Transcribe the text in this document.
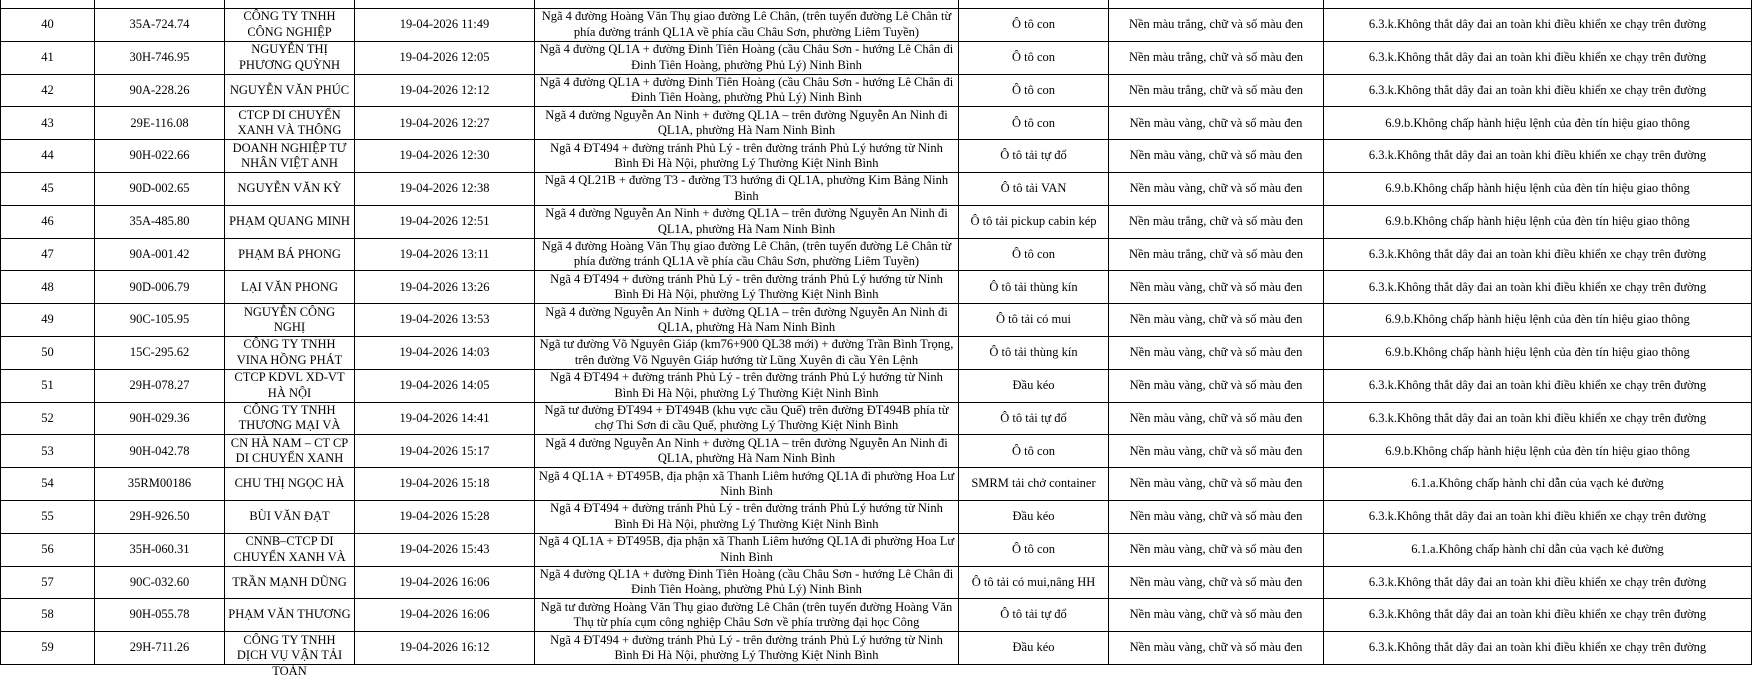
40	35A-724.74	CÔNG TY TNHH CÔNG NGHIỆP	19-04-2026 11:49	Ngã 4 đường Hoàng Văn Thụ giao đường Lê Chân, (trên tuyến đường Lê Chân từ phía đường tránh QL1A về phía cầu Châu Sơn, phường Liêm Tuyền)	Ô tô con	Nền màu trắng, chữ và số màu đen	6.3.k.Không thắt dây đai an toàn khi điều khiển xe chạy trên đường

41	30H-746.95	NGUYỄN THỊ PHƯƠNG QUỲNH	19-04-2026 12:05	Ngã 4 đường QL1A + đường Đinh Tiên Hoàng (cầu Châu Sơn - hướng Lê Chân đi Đinh Tiên Hoàng, phường Phủ Lý) Ninh Bình	Ô tô con	Nền màu trắng, chữ và số màu đen	6.3.k.Không thắt dây đai an toàn khi điều khiển xe chạy trên đường

42	90A-228.26	NGUYỄN VĂN PHÚC	19-04-2026 12:12	Ngã 4 đường QL1A + đường Đinh Tiên Hoàng (cầu Châu Sơn - hướng Lê Chân đi Đinh Tiên Hoàng, phường Phủ Lý) Ninh Bình	Ô tô con	Nền màu trắng, chữ và số màu đen	6.3.k.Không thắt dây đai an toàn khi điều khiển xe chạy trên đường

43	29E-116.08	CTCP DI CHUYỂN XANH VÀ THÔNG	19-04-2026 12:27	Ngã 4 đường Nguyễn An Ninh + đường QL1A – trên đường Nguyễn An Ninh đi QL1A, phường Hà Nam Ninh Bình	Ô tô con	Nền màu vàng, chữ và số màu đen	6.9.b.Không chấp hành hiệu lệnh của đèn tín hiệu giao thông

44	90H-022.66	DOANH NGHIỆP TƯ NHÂN VIỆT ANH	19-04-2026 12:30	Ngã 4 ĐT494 + đường tránh Phủ Lý - trên đường tránh Phủ Lý hướng từ Ninh Bình Đi Hà Nội, phường Lý Thường Kiệt Ninh Bình	Ô tô tải tự đổ	Nền màu vàng, chữ và số màu đen	6.3.k.Không thắt dây đai an toàn khi điều khiển xe chạy trên đường

45	90D-002.65	NGUYỄN VĂN KỲ	19-04-2026 12:38	Ngã 4 QL21B + đường T3 - đường T3 hướng đi QL1A, phường Kim Bảng Ninh Bình	Ô tô tải VAN	Nền màu vàng, chữ và số màu đen	6.9.b.Không chấp hành hiệu lệnh của đèn tín hiệu giao thông

46	35A-485.80	PHẠM QUANG MINH	19-04-2026 12:51	Ngã 4 đường Nguyễn An Ninh + đường QL1A – trên đường Nguyễn An Ninh đi QL1A, phường Hà Nam Ninh Bình	Ô tô tải pickup cabin kép	Nền màu trắng, chữ và số màu đen	6.9.b.Không chấp hành hiệu lệnh của đèn tín hiệu giao thông

47	90A-001.42	PHẠM BÁ PHONG	19-04-2026 13:11	Ngã 4 đường Hoàng Văn Thụ giao đường Lê Chân, (trên tuyến đường Lê Chân từ phía đường tránh QL1A về phía cầu Châu Sơn, phường Liêm Tuyền)	Ô tô con	Nền màu trắng, chữ và số màu đen	6.3.k.Không thắt dây đai an toàn khi điều khiển xe chạy trên đường

48	90D-006.79	LẠI VĂN PHONG	19-04-2026 13:26	Ngã 4 ĐT494 + đường tránh Phủ Lý - trên đường tránh Phủ Lý hướng từ Ninh Bình Đi Hà Nội, phường Lý Thường Kiệt Ninh Bình	Ô tô tải thùng kín	Nền màu vàng, chữ và số màu đen	6.3.k.Không thắt dây đai an toàn khi điều khiển xe chạy trên đường

49	90C-105.95	NGUYỄN CÔNG NGHỊ	19-04-2026 13:53	Ngã 4 đường Nguyễn An Ninh + đường QL1A – trên đường Nguyễn An Ninh đi QL1A, phường Hà Nam Ninh Bình	Ô tô tải có mui	Nền màu vàng, chữ và số màu đen	6.9.b.Không chấp hành hiệu lệnh của đèn tín hiệu giao thông

50	15C-295.62	CÔNG TY TNHH VINA HỒNG PHÁT	19-04-2026 14:03	Ngã tư đường Võ Nguyên Giáp (km76+900 QL38 mới) + đường Trần Bình Trọng, trên đường Võ Nguyên Giáp hướng từ Lũng Xuyên đi cầu Yên Lệnh	Ô tô tải thùng kín	Nền màu vàng, chữ và số màu đen	6.9.b.Không chấp hành hiệu lệnh của đèn tín hiệu giao thông

51	29H-078.27	CTCP KDVL XD-VT HÀ NỘI	19-04-2026 14:05	Ngã 4 ĐT494 + đường tránh Phủ Lý - trên đường tránh Phủ Lý hướng từ Ninh Bình Đi Hà Nội, phường Lý Thường Kiệt Ninh Bình	Đầu kéo	Nền màu vàng, chữ và số màu đen	6.3.k.Không thắt dây đai an toàn khi điều khiển xe chạy trên đường

52	90H-029.36	CÔNG TY TNHH THƯƠNG MẠI VÀ	19-04-2026 14:41	Ngã tư đường ĐT494 + ĐT494B (khu vực cầu Quế) trên đường ĐT494B phía từ chợ Thi Sơn đi cầu Quế, phường Lý Thường Kiệt Ninh Bình	Ô tô tải tự đổ	Nền màu vàng, chữ và số màu đen	6.3.k.Không thắt dây đai an toàn khi điều khiển xe chạy trên đường

53	90H-042.78	CN HÀ NAM – CT CP DI CHUYỂN XANH	19-04-2026 15:17	Ngã 4 đường Nguyễn An Ninh + đường QL1A – trên đường Nguyễn An Ninh đi QL1A, phường Hà Nam Ninh Bình	Ô tô con	Nền màu vàng, chữ và số màu đen	6.9.b.Không chấp hành hiệu lệnh của đèn tín hiệu giao thông

54	35RM00186	CHU THỊ NGỌC HÀ	19-04-2026 15:18	Ngã 4 QL1A + ĐT495B, địa phận xã Thanh Liêm hướng QL1A đi phường Hoa Lư Ninh Bình	SMRM tải chở container	Nền màu vàng, chữ và số màu đen	6.1.a.Không chấp hành chỉ dẫn của vạch kẻ đường

55	29H-926.50	BÙI VĂN ĐẠT	19-04-2026 15:28	Ngã 4 ĐT494 + đường tránh Phủ Lý - trên đường tránh Phủ Lý hướng từ Ninh Bình Đi Hà Nội, phường Lý Thường Kiệt Ninh Bình	Đầu kéo	Nền màu vàng, chữ và số màu đen	6.3.k.Không thắt dây đai an toàn khi điều khiển xe chạy trên đường

56	35H-060.31	CNNB–CTCP DI CHUYỂN XANH VÀ	19-04-2026 15:43	Ngã 4 QL1A + ĐT495B, địa phận xã Thanh Liêm hướng QL1A đi phường Hoa Lư Ninh Bình	Ô tô con	Nền màu vàng, chữ và số màu đen	6.1.a.Không chấp hành chỉ dẫn của vạch kẻ đường

57	90C-032.60	TRẦN MẠNH DŨNG	19-04-2026 16:06	Ngã 4 đường QL1A + đường Đinh Tiên Hoàng (cầu Châu Sơn - hướng Lê Chân đi Đinh Tiên Hoàng, phường Phủ Lý) Ninh Bình	Ô tô tải có mui,nâng HH	Nền màu vàng, chữ và số màu đen	6.3.k.Không thắt dây đai an toàn khi điều khiển xe chạy trên đường

58	90H-055.78	PHẠM VĂN THƯƠNG	19-04-2026 16:06	Ngã tư đường Hoàng Văn Thụ giao đường Lê Chân (trên tuyến đường Hoàng Văn Thụ từ phía cụm công nghiệp Châu Sơn về phía trường đại học Công	Ô tô tải tự đổ	Nền màu vàng, chữ và số màu đen	6.3.k.Không thắt dây đai an toàn khi điều khiển xe chạy trên đường

59	29H-711.26	CÔNG TY TNHH DỊCH VỤ VẬN TẢI TOÀN	19-04-2026 16:12	Ngã 4 ĐT494 + đường tránh Phủ Lý - trên đường tránh Phủ Lý hướng từ Ninh Bình Đi Hà Nội, phường Lý Thường Kiệt Ninh Bình	Đầu kéo	Nền màu vàng, chữ và số màu đen	6.3.k.Không thắt dây đai an toàn khi điều khiển xe chạy trên đường
